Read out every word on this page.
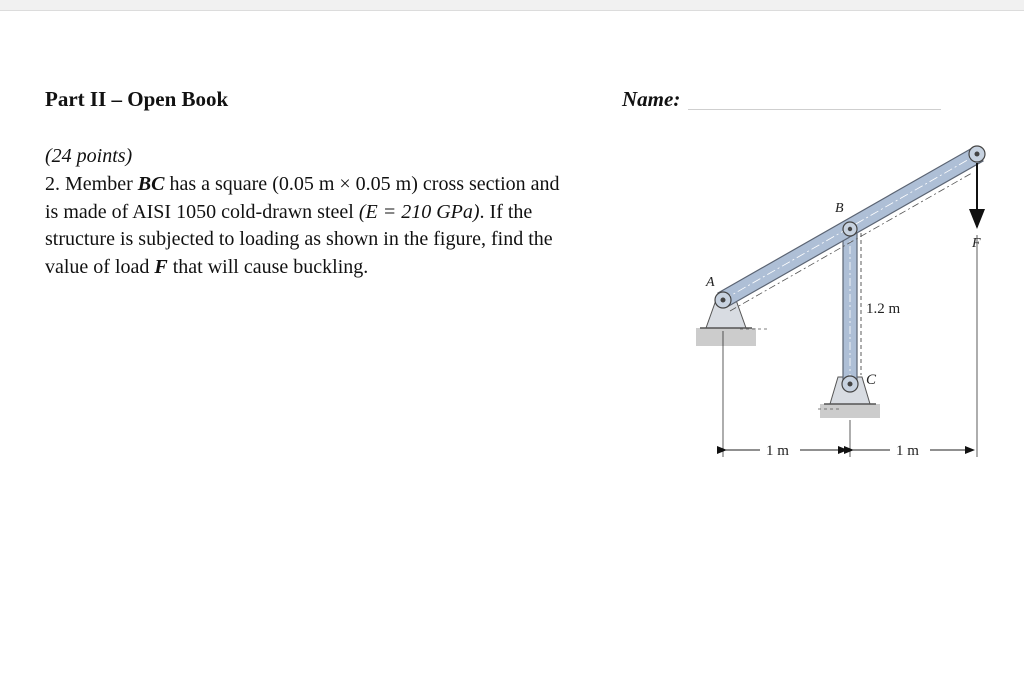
Part II – Open Book	Name:
(24 points)
2. Member BC has a square (0.05 m × 0.05 m) cross section and
is made of AISI 1050 cold-drawn steel (E = 210 GPa). If the
structure is subjected to loading as shown in the figure, find the
value of load F that will cause buckling.
A
B
C
F
1.2 m
1 m	1 m
